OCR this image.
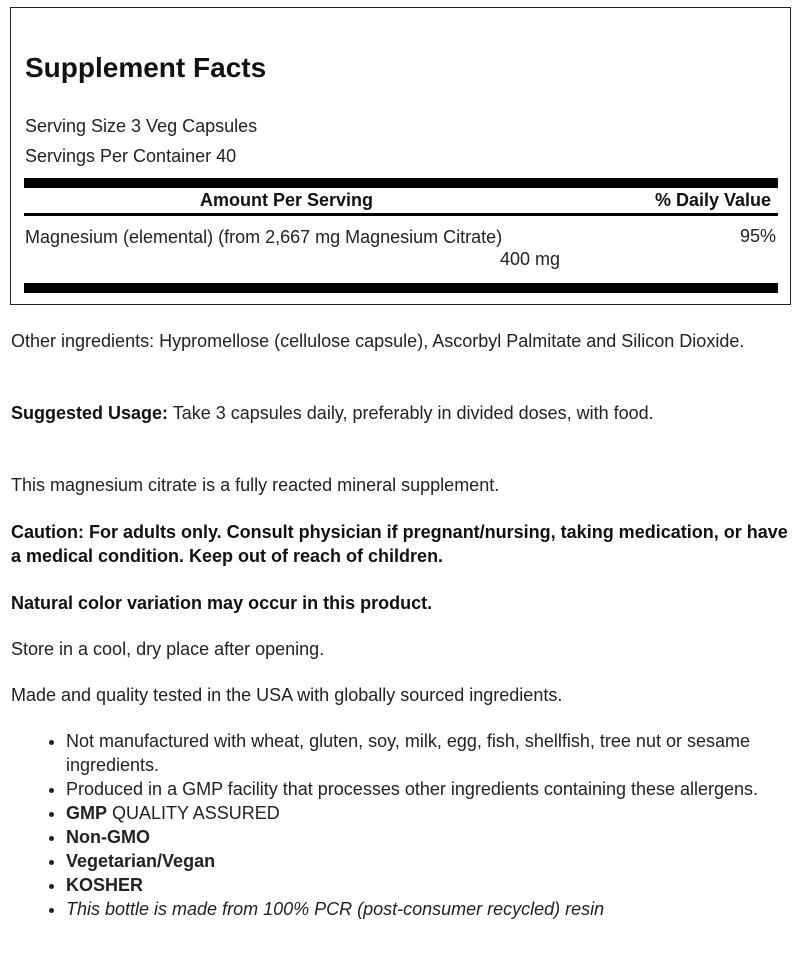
Supplement Facts
Serving Size 3 Veg Capsules
Servings Per Container 40
Amount Per Serving	% Daily Value
Magnesium (elemental) (from 2,667 mg Magnesium Citrate)
400 mg
95%
Other ingredients: Hypromellose (cellulose capsule), Ascorbyl Palmitate and Silicon Dioxide.
Suggested Usage: Take 3 capsules daily, preferably in divided doses, with food.
This magnesium citrate is a fully reacted mineral supplement.
Caution: For adults only. Consult physician if pregnant/nursing, taking medication, or have a medical condition. Keep out of reach of children.
Natural color variation may occur in this product.
Store in a cool, dry place after opening.
Made and quality tested in the USA with globally sourced ingredients.
• Not manufactured with wheat, gluten, soy, milk, egg, fish, shellfish, tree nut or sesame ingredients.
• Produced in a GMP facility that processes other ingredients containing these allergens.
• GMP QUALITY ASSURED
• Non-GMO
• Vegetarian/Vegan
• KOSHER
• This bottle is made from 100% PCR (post-consumer recycled) resin
